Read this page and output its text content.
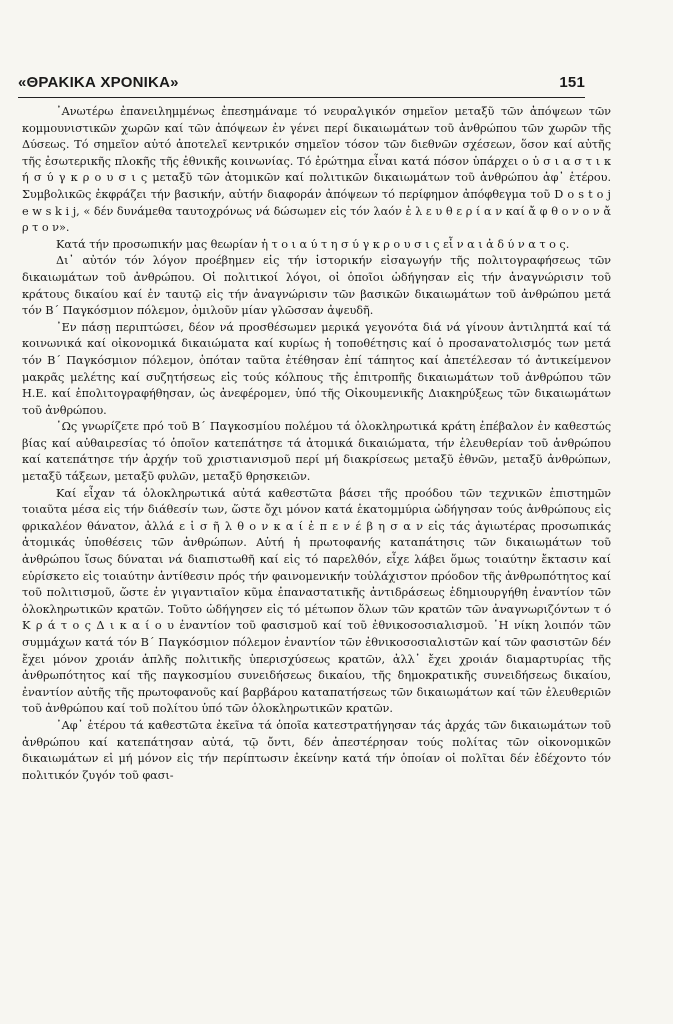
«ΘΡΑΚΙΚΑ ΧΡΟΝΙΚΑ»	151

᾿Ανωτέρω ἐπανειλημμένως ἐπεσημάναμε τό νευραλγικόν σημεῖον μεταξῦ τῶν ἀπόψεων τῶν κομμουνιστικῶν χωρῶν καί τῶν ἀπόψεων ἐν γένει περί δικαιωμάτων τοῦ ἀνθρώπου τῶν χωρῶν τῆς Δύσεως. Τό σημεῖον αὐτό ἀποτελεῖ κεντρικόν σημεῖον τόσον τῶν διεθνῶν σχέσεων, ὅσον καί αὐτῆς τῆς ἐσωτερικῆς πλοκῆς τῆς ἐθνικῆς κοινωνίας. Τό ἐρώτημα εἶναι κατά πόσον ὑπάρχει ο ὐ σ ι α σ τ ι κ ή σ ύ γ κ ρ ο υ σ ι ς μεταξῦ τῶν ἀτομικῶν καί πολιτικῶν δικαιωμάτων τοῦ ἀνθρώπου ἀφ᾿ ἑτέρου. Συμβολικῶς ἐκφράζει τήν βασικήν, αὐτήν διαφοράν ἀπόψεων τό περίφημον ἀπόφθεγμα τοῦ D o s t o j e w s k i j, « δέν δυνάμεθα ταυτοχρόνως νά δώσωμεν εἰς τόν λαόν ἐ λ ε υ θ ε ρ ί α ν καί ἄ φ θ ο ν ο ν ἄ ρ τ ο ν».

Κατά τήν προσωπικήν μας θεωρίαν ἡ τ ο ι α ύ τ η σ ύ γ κ ρ ο υ σ ι ς εἶ ν α ι ἀ δ ύ ν α τ ο ς.

Δι᾿ αὐτόν τόν λόγον προέβημεν εἰς τήν ἱστορικήν εἰσαγωγήν τῆς πολιτογραφήσεως τῶν δικαιωμάτων τοῦ ἀνθρώπου. Οἱ πολιτικοί λόγοι, οἱ ὁποῖοι ὡδήγησαν εἰς τήν ἀναγνώρισιν τοῦ κράτους δικαίου καί ἐν ταυτῷ εἰς τήν ἀναγνώρισιν τῶν βασικῶν δικαιωμάτων τοῦ ἀνθρώπου μετά τόν Β΄ Παγκόσμιον πόλεμον, ὁμιλοῦν μίαν γλῶσσαν ἀψευδῆ.

᾿Εν πάσῃ περιπτώσει, δέον νά προσθέσωμεν μερικά γεγονότα διά νά γίνουν ἀντιληπτά καί τά κοινωνικά καί οἰκονομικά δικαιώματα καί κυρίως ἡ τοποθέτησις καί ὁ προσανατολισμός των μετά τόν Β΄ Παγκόσμιον πόλεμον, ὁπόταν ταῦτα ἐτέθησαν ἐπί τάπητος καί ἀπετέλεσαν τό ἀντικείμενον μακρᾶς μελέτης καί συζητήσεως εἰς τούς κόλπους τῆς ἐπιτροπῆς δικαιωμάτων τοῦ ἀνθρώπου τῶν Η.Ε. καί ἐπολιτογραφήθησαν, ὡς ἀνεφέρομεν, ὑπό τῆς Οἰκουμενικῆς Διακηρύξεως τῶν δικαιωμάτων τοῦ ἀνθρώπου.

῾Ως γνωρίζετε πρό τοῦ Β΄ Παγκοσμίου πολέμου τά ὁλοκληρωτικά κράτη ἐπέβαλον ἐν καθεστώς βίας καί αὐθαιρεσίας τό ὁποῖον κατεπάτησε τά ἀτομικά δικαιώματα, τήν ἐλευθερίαν τοῦ ἀνθρώπου καί κατεπάτησε τήν ἀρχήν τοῦ χριστιανισμοῦ περί μή διακρίσεως μεταξῦ ἐθνῶν, μεταξῦ ἀνθρώπων, μεταξῦ τάξεων, μεταξῦ φυλῶν, μεταξῦ θρησκειῶν.

Καί εἶχαν τά ὁλοκληρωτικά αὐτά καθεστῶτα βάσει τῆς προόδου τῶν τεχνικῶν ἐπιστημῶν τοιαῦτα μέσα εἰς τήν διάθεσίν των, ὥστε ὄχι μόνον κατά ἑκατομμύρια ὡδήγησαν τούς ἀνθρώπους εἰς φρικαλέον θάνατον, ἀλλά ε ἰ σ ῆ λ θ ο ν κ α ί ἐ π ε ν έ β η σ α ν εἰς τάς ἀγιωτέρας προσωπικάς ἀτομικάς ὑποθέσεις τῶν ἀνθρώπων. Αὐτή ἡ πρωτοφανής καταπάτησις τῶν δικαιωμάτων τοῦ ἀνθρώπου ἴσως δύναται νά διαπιστωθῆ καί εἰς τό παρελθόν, εἶχε λάβει ὅμως τοιαύτην ἔκτασιν καί εὑρίσκετο εἰς τοιαύτην ἀντίθεσιν πρός τήν φαινομενικήν τοὐλάχιστον πρόοδον τῆς ἀνθρωπότητος καί τοῦ πολιτισμοῦ, ὥστε ἐν γιγαντιαῖον κῦμα ἐπαναστατικῆς ἀντιδράσεως ἐδημιουργήθη ἐναντίον τῶν ὁλοκληρωτικῶν κρατῶν. Τοῦτο ὡδήγησεν εἰς τό μέτωπον ὅλων τῶν κρατῶν τῶν ἀναγνωριζόντων τ ό Κ ρ ά τ ο ς Δ ι κ α ί ο υ ἐναντίον τοῦ φασισμοῦ καί τοῦ ἐθνικοσοσιαλισμοῦ. ῾Η νίκη λοιπόν τῶν συμμάχων κατά τόν Β΄ Παγκόσμιον πόλεμον ἐναντίον τῶν ἐθνικοσοσιαλιστῶν καί τῶν φασιστῶν δέν ἔχει μόνον χροιάν ἁπλῆς πολιτικῆς ὑπερισχύσεως κρατῶν, ἀλλ᾿ ἔχει χροιάν διαμαρτυρίας τῆς ἀνθρωπότητος καί τῆς παγκοσμίου συνειδήσεως δικαίου, τῆς δημοκρατικῆς συνειδήσεως δικαίου, ἐναντίον αὐτῆς τῆς πρωτοφανοῦς καί βαρβάρου καταπατήσεως τῶν δικαιωμάτων καί τῶν ἐλευθεριῶν τοῦ ἀνθρώπου καί τοῦ πολίτου ὑπό τῶν ὁλοκληρωτικῶν κρατῶν.

᾿Αφ᾿ ἑτέρου τά καθεστῶτα ἐκεῖνα τά ὁποῖα κατεστρατήγησαν τάς ἀρχάς τῶν δικαιωμάτων τοῦ ἀνθρώπου καί κατεπάτησαν αὐτά, τῷ ὄντι, δέν ἀπεστέρησαν τούς πολίτας τῶν οἰκονομικῶν δικαιωμάτων εἰ μή μόνον εἰς τήν περίπτωσιν ἐκείνην κατά τήν ὁποίαν οἱ πολῖται δέν ἐδέχοντο τόν πολιτικόν ζυγόν τοῦ φασι-
